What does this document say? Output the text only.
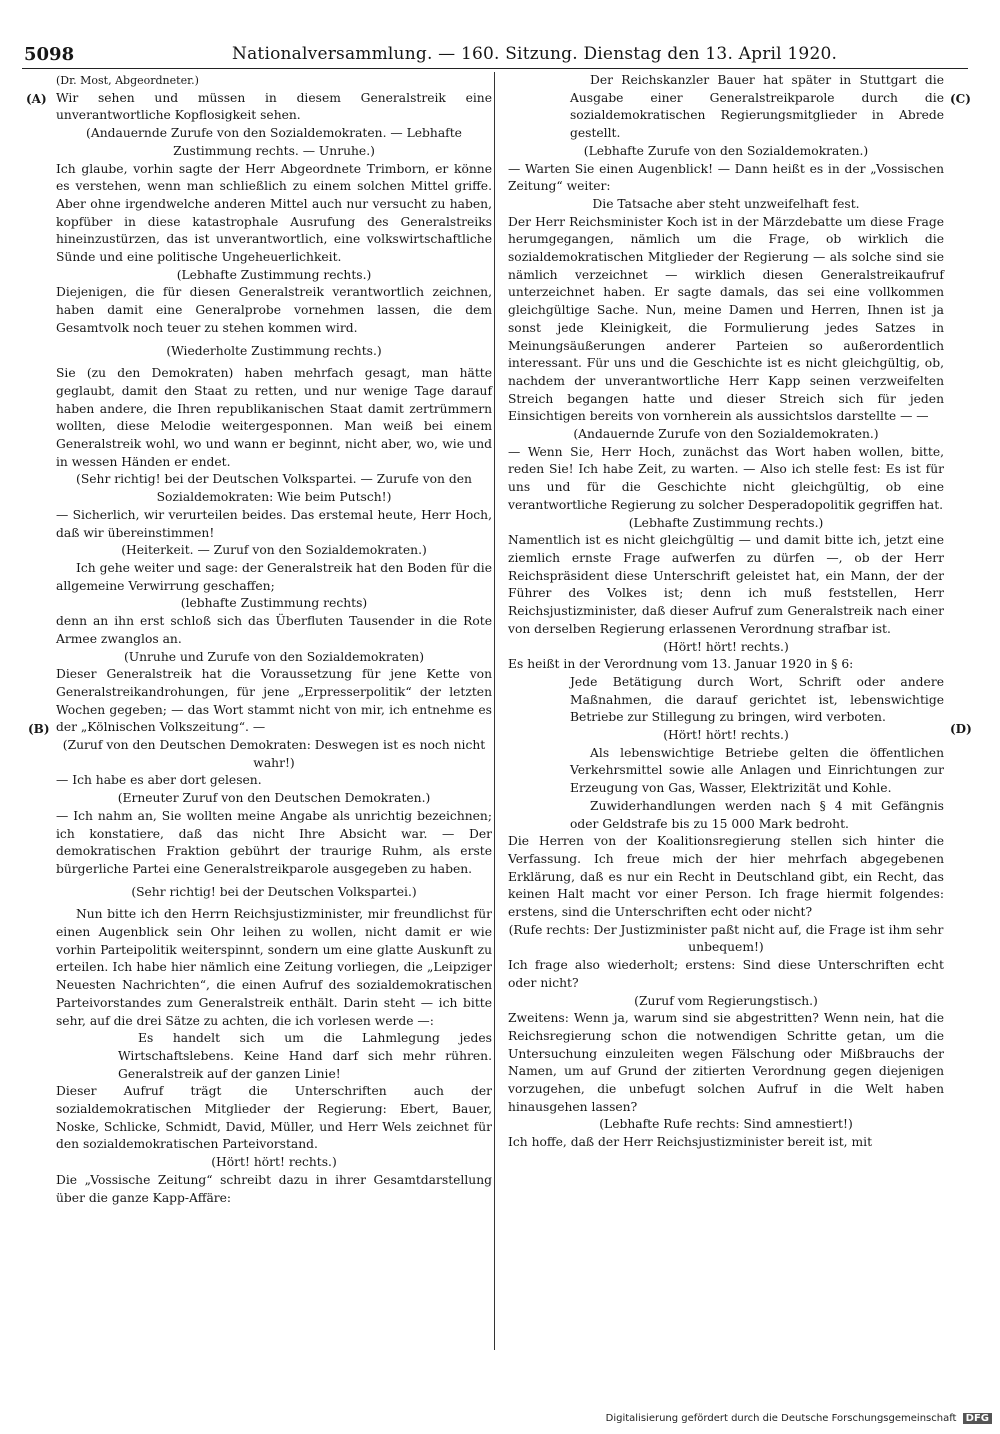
5098	Nationalversammlung. — 160. Sitzung. Dienstag den 13. April 1920.
(A)
(B)
(C)
(D)

(Dr. Most, Abgeordneter.)

Wir sehen und müssen in diesem Generalstreik eine unverantwortliche Kopflosigkeit sehen.

(Andauernde Zurufe von den Sozialdemokraten. — Lebhafte Zustimmung rechts. — Unruhe.)

Ich glaube, vorhin sagte der Herr Abgeordnete Trimborn, er könne es verstehen, wenn man schließlich zu einem solchen Mittel griffe. Aber ohne irgendwelche anderen Mittel auch nur versucht zu haben, kopfüber in diese katastrophale Ausrufung des Generalstreiks hineinzustürzen, das ist unverantwortlich, eine volkswirtschaftliche Sünde und eine politische Ungeheuerlichkeit.

(Lebhafte Zustimmung rechts.)

Diejenigen, die für diesen Generalstreik verantwortlich zeichnen, haben damit eine Generalprobe vornehmen lassen, die dem Gesamtvolk noch teuer zu stehen kommen wird.

(Wiederholte Zustimmung rechts.)

Sie (zu den Demokraten) haben mehrfach gesagt, man hätte geglaubt, damit den Staat zu retten, und nur wenige Tage darauf haben andere, die Ihren republikanischen Staat damit zertrümmern wollten, diese Melodie weitergesponnen. Man weiß bei einem Generalstreik wohl, wo und wann er beginnt, nicht aber, wo, wie und in wessen Händen er endet.

(Sehr richtig! bei der Deutschen Volkspartei. — Zurufe von den Sozialdemokraten: Wie beim Putsch!)

— Sicherlich, wir verurteilen beides. Das erstemal heute, Herr Hoch, daß wir übereinstimmen!

(Heiterkeit. — Zuruf von den Sozialdemokraten.)

Ich gehe weiter und sage: der Generalstreik hat den Boden für die allgemeine Verwirrung geschaffen;

(lebhafte Zustimmung rechts)

denn an ihn erst schloß sich das Überfluten Tausender in die Rote Armee zwanglos an.

(Unruhe und Zurufe von den Sozialdemokraten)

Dieser Generalstreik hat die Voraussetzung für jene Kette von Generalstreikandrohungen, für jene „Erpresserpolitik“ der letzten Wochen gegeben; — das Wort stammt nicht von mir, ich entnehme es der „Kölnischen Volkszeitung“. —

(Zuruf von den Deutschen Demokraten: Deswegen ist es noch nicht wahr!)

— Ich habe es aber dort gelesen.

(Erneuter Zuruf von den Deutschen Demokraten.)

— Ich nahm an, Sie wollten meine Angabe als unrichtig bezeichnen; ich konstatiere, daß das nicht Ihre Absicht war. — Der demokratischen Fraktion gebührt der traurige Ruhm, als erste bürgerliche Partei eine Generalstreikparole ausgegeben zu haben.

(Sehr richtig! bei der Deutschen Volkspartei.)

Nun bitte ich den Herrn Reichsjustizminister, mir freundlichst für einen Augenblick sein Ohr leihen zu wollen, nicht damit er wie vorhin Parteipolitik weiterspinnt, sondern um eine glatte Auskunft zu erteilen. Ich habe hier nämlich eine Zeitung vorliegen, die „Leipziger Neuesten Nachrichten“, die einen Aufruf des sozialdemokratischen Parteivorstandes zum Generalstreik enthält. Darin steht — ich bitte sehr, auf die drei Sätze zu achten, die ich vorlesen werde —:

Es handelt sich um die Lahmlegung jedes Wirtschaftslebens. Keine Hand darf sich mehr rühren. Generalstreik auf der ganzen Linie!

Dieser Aufruf trägt die Unterschriften auch der sozialdemokratischen Mitglieder der Regierung: Ebert, Bauer, Noske, Schlicke, Schmidt, David, Müller, und Herr Wels zeichnet für den sozialdemokratischen Parteivorstand.

(Hört! hört! rechts.)

Die „Vossische Zeitung“ schreibt dazu in ihrer Gesamtdarstellung über die ganze Kapp-Affäre:

Der Reichskanzler Bauer hat später in Stuttgart die Ausgabe einer Generalstreikparole durch die sozialdemokratischen Regierungsmitglieder in Abrede gestellt.

(Lebhafte Zurufe von den Sozialdemokraten.)

— Warten Sie einen Augenblick! — Dann heißt es in der „Vossischen Zeitung“ weiter:

Die Tatsache aber steht unzweifelhaft fest.

Der Herr Reichsminister Koch ist in der Märzdebatte um diese Frage herumgegangen, nämlich um die Frage, ob wirklich die sozialdemokratischen Mitglieder der Regierung — als solche sind sie nämlich verzeichnet — wirklich diesen Generalstreikaufruf unterzeichnet haben. Er sagte damals, das sei eine vollkommen gleichgültige Sache. Nun, meine Damen und Herren, Ihnen ist ja sonst jede Kleinigkeit, die Formulierung jedes Satzes in Meinungsäußerungen anderer Parteien so außerordentlich interessant. Für uns und die Geschichte ist es nicht gleichgültig, ob, nachdem der unverantwortliche Herr Kapp seinen verzweifelten Streich begangen hatte und dieser Streich sich für jeden Einsichtigen bereits von vornherein als aussichtslos darstellte — —

(Andauernde Zurufe von den Sozialdemokraten.)

— Wenn Sie, Herr Hoch, zunächst das Wort haben wollen, bitte, reden Sie! Ich habe Zeit, zu warten. — Also ich stelle fest: Es ist für uns und für die Geschichte nicht gleichgültig, ob eine verantwortliche Regierung zu solcher Desperadopolitik gegriffen hat.

(Lebhafte Zustimmung rechts.)

Namentlich ist es nicht gleichgültig — und damit bitte ich, jetzt eine ziemlich ernste Frage aufwerfen zu dürfen —, ob der Herr Reichspräsident diese Unterschrift geleistet hat, ein Mann, der der Führer des Volkes ist; denn ich muß feststellen, Herr Reichsjustizminister, daß dieser Aufruf zum Generalstreik nach einer von derselben Regierung erlassenen Verordnung strafbar ist.

(Hört! hört! rechts.)

Es heißt in der Verordnung vom 13. Januar 1920 in § 6:

Jede Betätigung durch Wort, Schrift oder andere Maßnahmen, die darauf gerichtet ist, lebenswichtige Betriebe zur Stillegung zu bringen, wird verboten.

(Hört! hört! rechts.)

Als lebenswichtige Betriebe gelten die öffentlichen Verkehrsmittel sowie alle Anlagen und Einrichtungen zur Erzeugung von Gas, Wasser, Elektrizität und Kohle.

Zuwiderhandlungen werden nach § 4 mit Gefängnis oder Geldstrafe bis zu 15 000 Mark bedroht.

Die Herren von der Koalitionsregierung stellen sich hinter die Verfassung. Ich freue mich der hier mehrfach abgegebenen Erklärung, daß es nur ein Recht in Deutschland gibt, ein Recht, das keinen Halt macht vor einer Person. Ich frage hiermit folgendes: erstens, sind die Unterschriften echt oder nicht?

(Rufe rechts: Der Justizminister paßt nicht auf, die Frage ist ihm sehr unbequem!)

Ich frage also wiederholt; erstens: Sind diese Unterschriften echt oder nicht?

(Zuruf vom Regierungstisch.)

Zweitens: Wenn ja, warum sind sie abgestritten? Wenn nein, hat die Reichsregierung schon die notwendigen Schritte getan, um die Untersuchung einzuleiten wegen Fälschung oder Mißbrauchs der Namen, um auf Grund der zitierten Verordnung gegen diejenigen vorzugehen, die unbefugt solchen Aufruf in die Welt haben hinausgehen lassen?

(Lebhafte Rufe rechts: Sind amnestiert!)

Ich hoffe, daß der Herr Reichsjustizminister bereit ist, mit

Digitalisierung gefördert durch die Deutsche Forschungsgemeinschaft DFG
